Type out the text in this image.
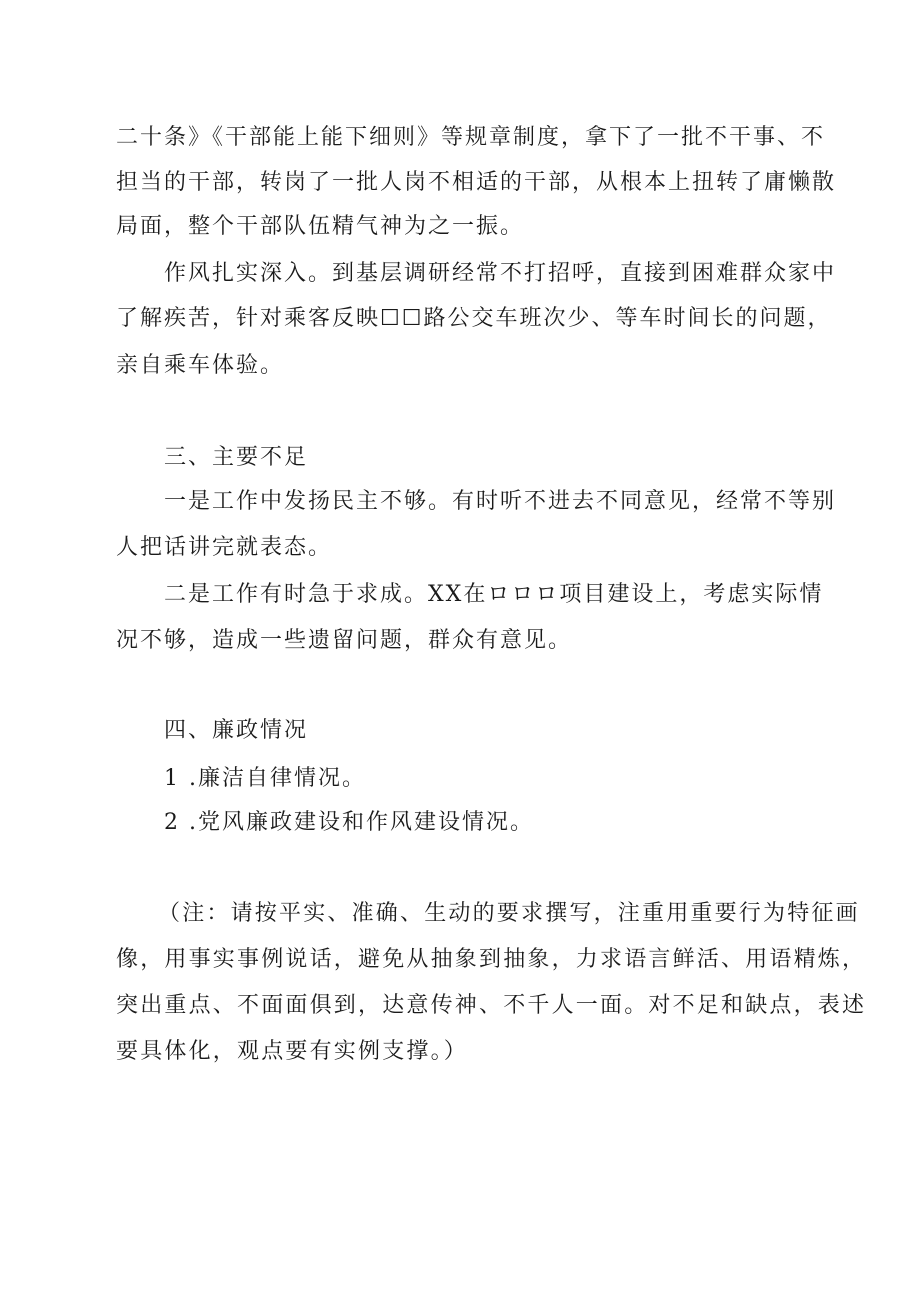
二十条》《干部能上能下细则》等规章制度，拿下了一批不干事、不
担当的干部，转岗了一批人岗不相适的干部，从根本上扭转了庸懒散
局面，整个干部队伍精气神为之一振。
作风扎实深入。到基层调研经常不打招呼，直接到困难群众家中
了解疾苦，针对乘客反映☐☐路公交车班次少、等车时间长的问题，
亲自乘车体验。
三、主要不足
一是工作中发扬民主不够。有时听不进去不同意见，经常不等别
人把话讲完就表态。
二是工作有时急于求成。XX在ロロロ项目建设上，考虑实际情
况不够，造成一些遗留问题，群众有意见。
四、廉政情况
1 .廉洁自律情况。
2 .党风廉政建设和作风建设情况。
（注：请按平实、准确、生动的要求撰写，注重用重要行为特征画
像，用事实事例说话，避免从抽象到抽象，力求语言鲜活、用语精炼，
突出重点、不面面俱到，达意传神、不千人一面。对不足和缺点，表述
要具体化，观点要有实例支撑。）
